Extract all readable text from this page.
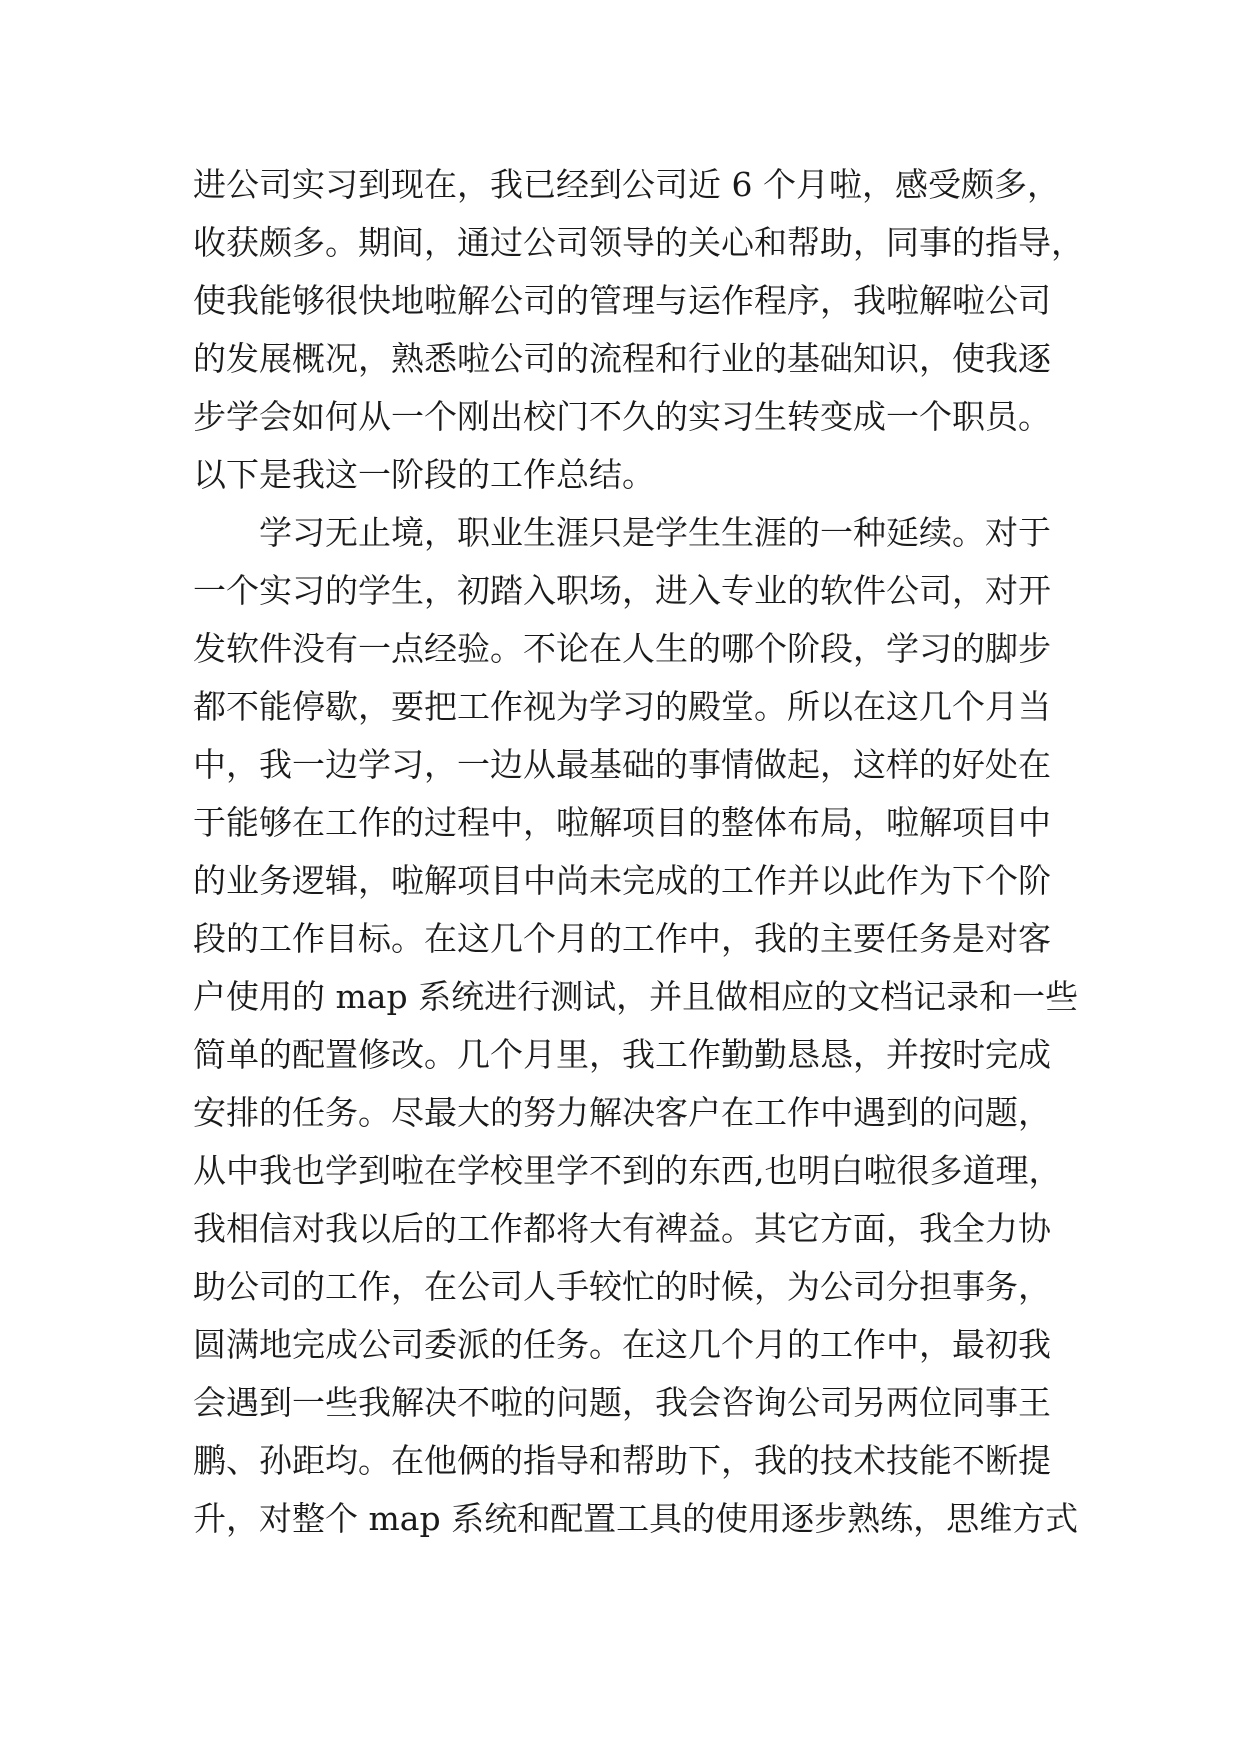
进公司实习到现在，我已经到公司近 6 个月啦，感受颇多，
收获颇多。期间，通过公司领导的关心和帮助，同事的指导，
使我能够很快地啦解公司的管理与运作程序，我啦解啦公司
的发展概况，熟悉啦公司的流程和行业的基础知识，使我逐
步学会如何从一个刚出校门不久的实习生转变成一个职员。
以下是我这一阶段的工作总结。
学习无止境，职业生涯只是学生生涯的一种延续。对于
一个实习的学生，初踏入职场，进入专业的软件公司，对开
发软件没有一点经验。不论在人生的哪个阶段，学习的脚步
都不能停歇，要把工作视为学习的殿堂。所以在这几个月当
中，我一边学习，一边从最基础的事情做起，这样的好处在
于能够在工作的过程中，啦解项目的整体布局，啦解项目中
的业务逻辑，啦解项目中尚未完成的工作并以此作为下个阶
段的工作目标。在这几个月的工作中，我的主要任务是对客
户使用的 map 系统进行测试，并且做相应的文档记录和一些
简单的配置修改。几个月里，我工作勤勤恳恳，并按时完成
安排的任务。尽最大的努力解决客户在工作中遇到的问题，
从中我也学到啦在学校里学不到的东西,也明白啦很多道理，
我相信对我以后的工作都将大有裨益。其它方面，我全力协
助公司的工作，在公司人手较忙的时候，为公司分担事务，
圆满地完成公司委派的任务。在这几个月的工作中，最初我
会遇到一些我解决不啦的问题，我会咨询公司另两位同事王
鹏、孙距均。在他俩的指导和帮助下，我的技术技能不断提
升，对整个 map 系统和配置工具的使用逐步熟练，思维方式
